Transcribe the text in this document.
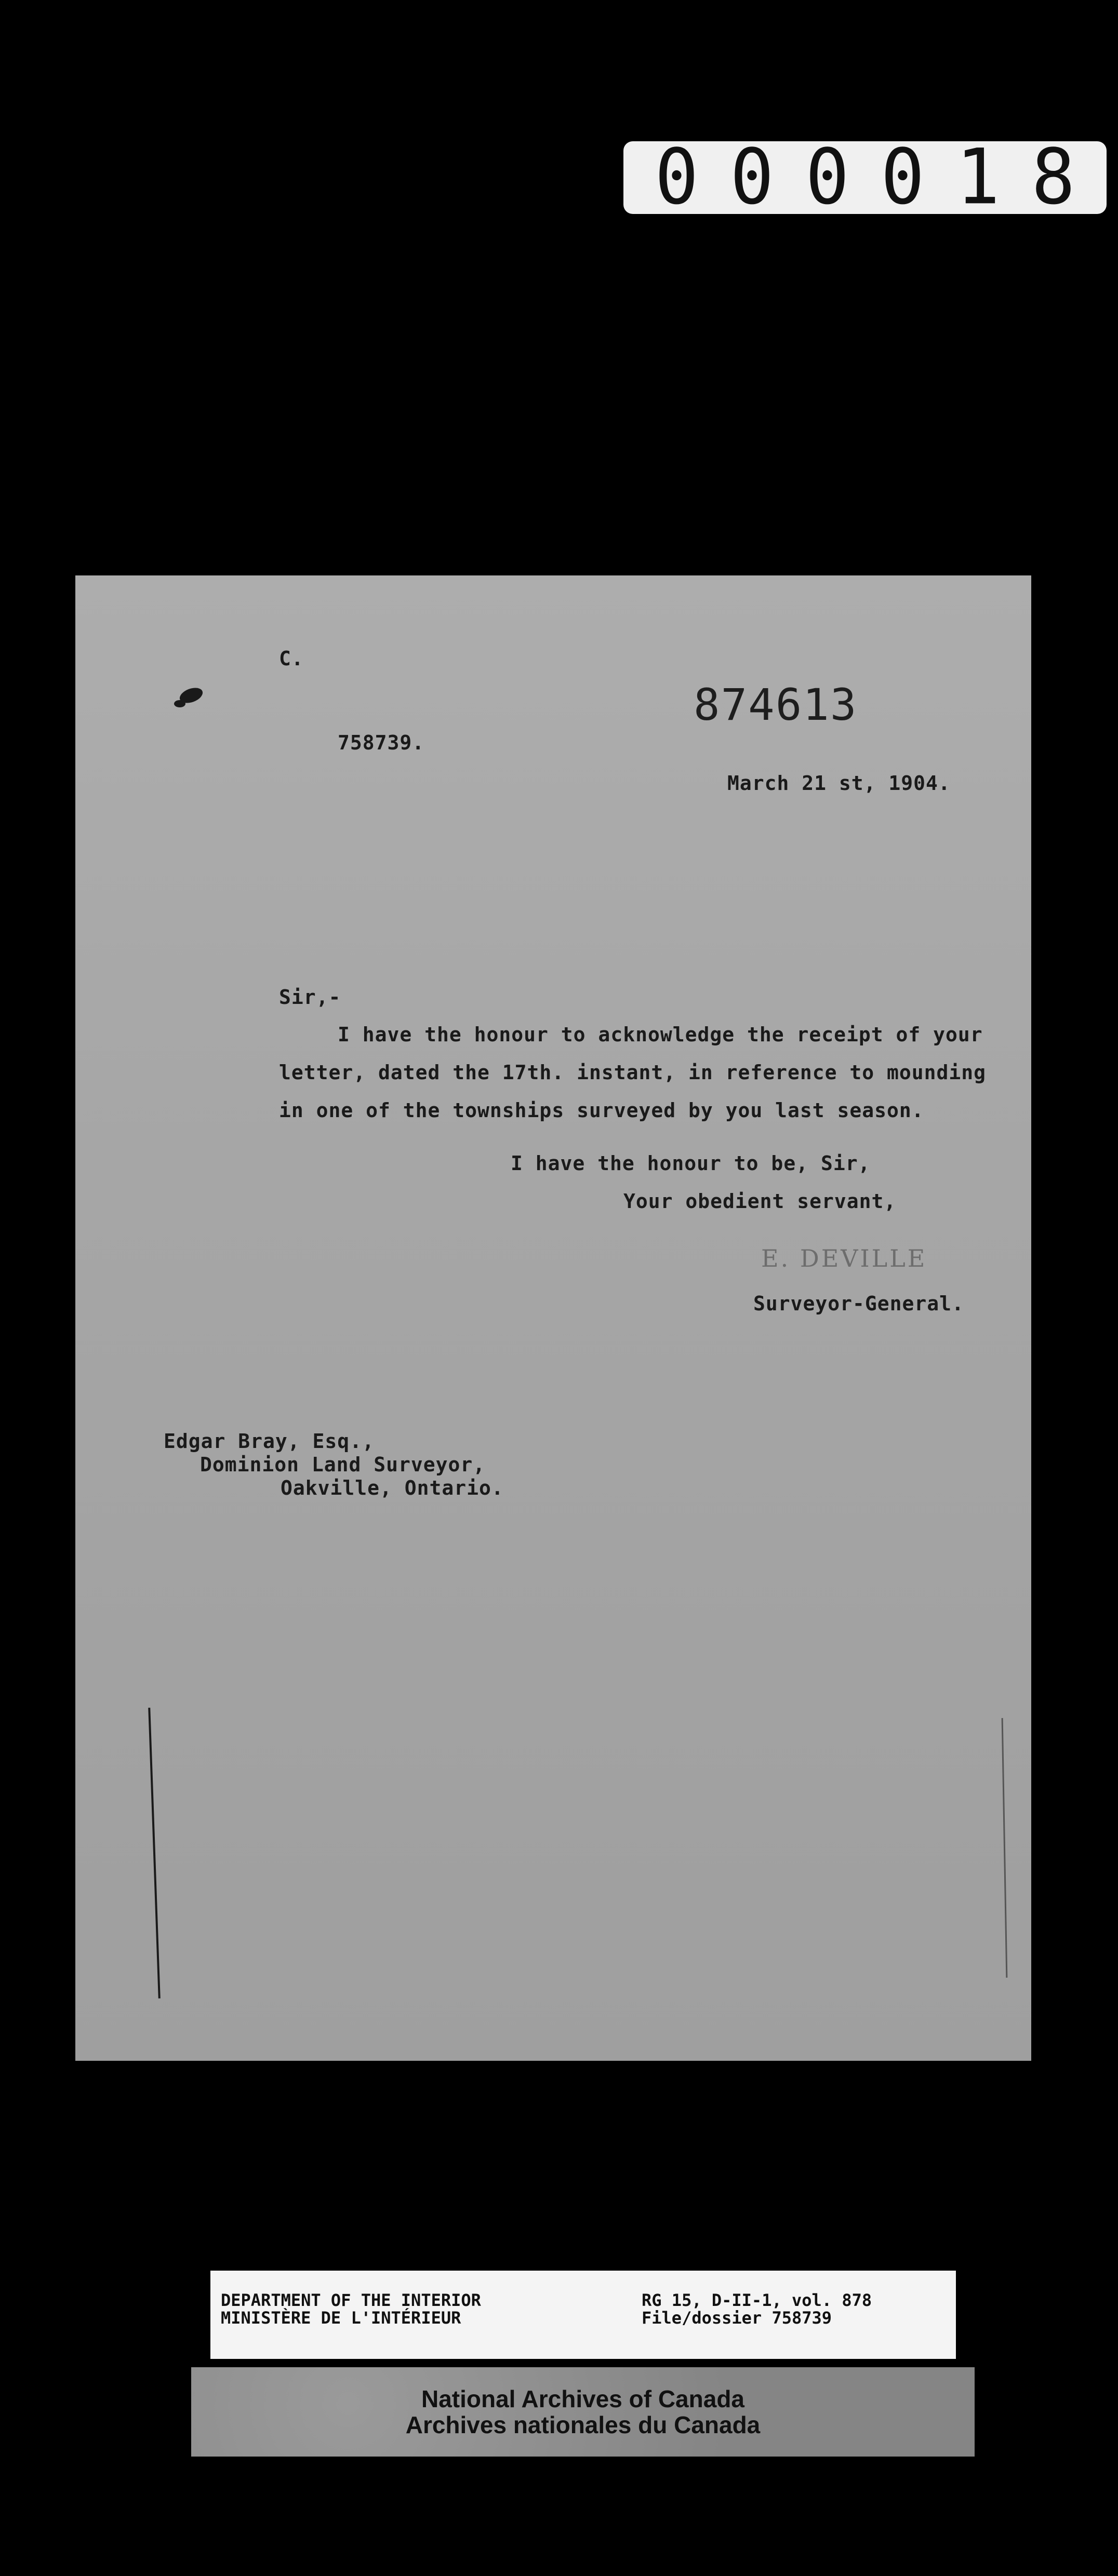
0 0 0 0 1 8
C.
758739.
874613
March 21 st, 1904.
Sir,-
I have the honour to acknowledge the receipt of your
letter, dated the 17th. instant, in reference to mounding
in one of the townships surveyed by you last season.
I have the honour to be, Sir,
Your obedient servant,
E. DEVILLE
Surveyor-General.
Edgar Bray, Esq.,
Dominion Land Surveyor,
Oakville, Ontario.
DEPARTMENT OF THE INTERIOR
MINISTÈRE DE L'INTÉRIEUR
RG 15, D-II-1, vol. 878
File/dossier 758739
National Archives of Canada
Archives nationales du Canada
